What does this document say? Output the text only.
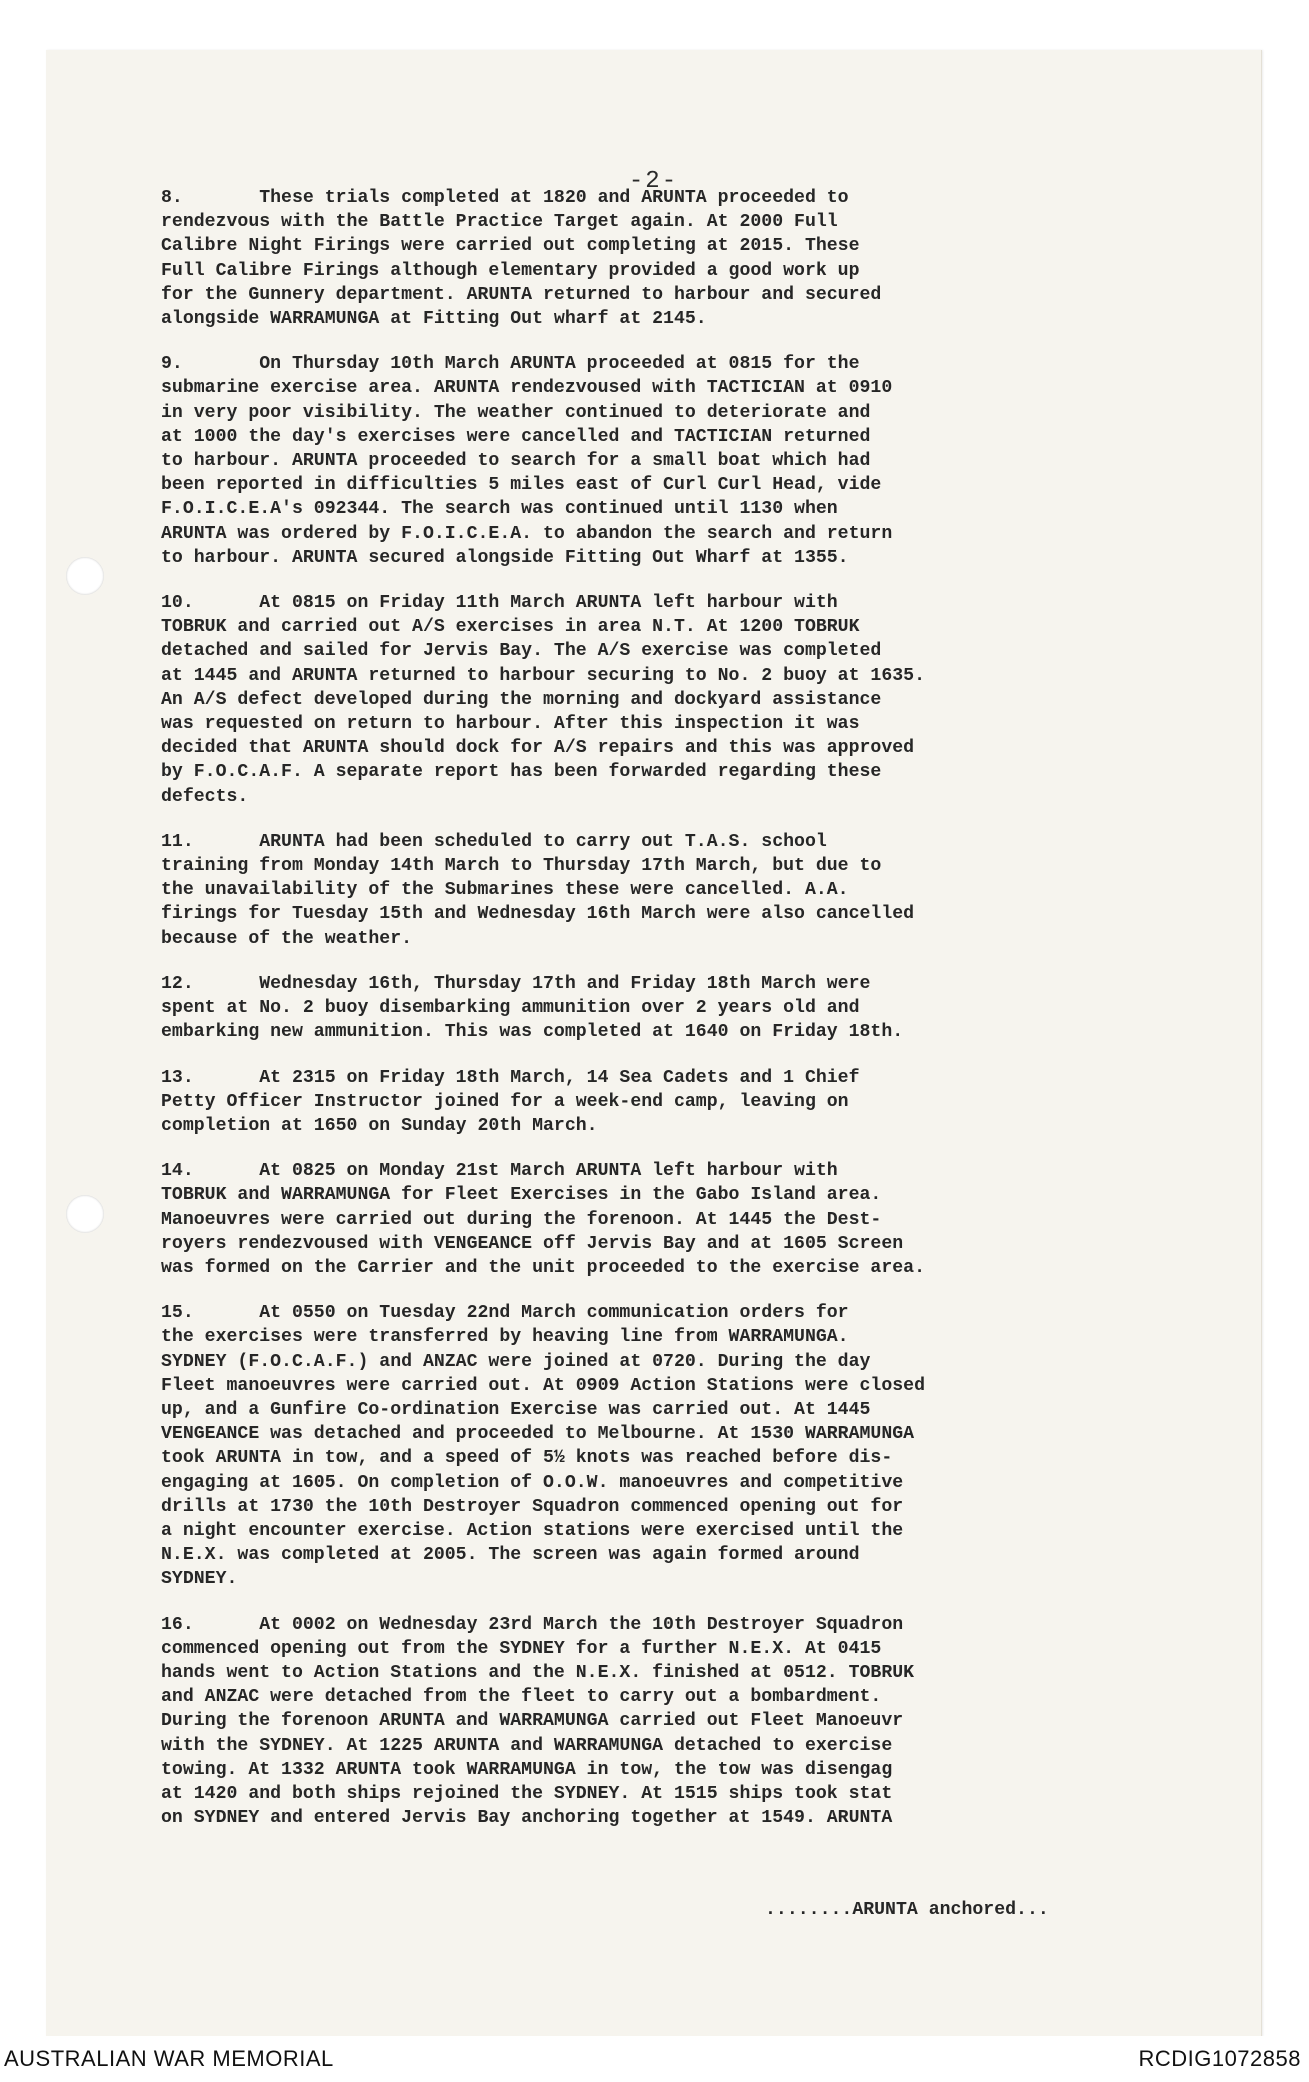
-2-
8.       These trials completed at 1820 and ARUNTA proceeded to
rendezvous with the Battle Practice Target again. At 2000 Full
Calibre Night Firings were carried out completing at 2015. These
Full Calibre Firings although elementary provided a good work up
for the Gunnery department. ARUNTA returned to harbour and secured
alongside WARRAMUNGA at Fitting Out wharf at 2145.
9.       On Thursday 10th March ARUNTA proceeded at 0815 for the
submarine exercise area. ARUNTA rendezvoused with TACTICIAN at 0910
in very poor visibility. The weather continued to deteriorate and
at 1000 the day's exercises were cancelled and TACTICIAN returned
to harbour. ARUNTA proceeded to search for a small boat which had
been reported in difficulties 5 miles east of Curl Curl Head, vide
F.O.I.C.E.A's 092344. The search was continued until 1130 when
ARUNTA was ordered by F.O.I.C.E.A. to abandon the search and return
to harbour. ARUNTA secured alongside Fitting Out Wharf at 1355.
10.      At 0815 on Friday 11th March ARUNTA left harbour with
TOBRUK and carried out A/S exercises in area N.T. At 1200 TOBRUK
detached and sailed for Jervis Bay. The A/S exercise was completed
at 1445 and ARUNTA returned to harbour securing to No. 2 buoy at 1635.
An A/S defect developed during the morning and dockyard assistance
was requested on return to harbour. After this inspection it was
decided that ARUNTA should dock for A/S repairs and this was approved
by F.O.C.A.F. A separate report has been forwarded regarding these
defects.
11.      ARUNTA had been scheduled to carry out T.A.S. school
training from Monday 14th March to Thursday 17th March, but due to
the unavailability of the Submarines these were cancelled. A.A.
firings for Tuesday 15th and Wednesday 16th March were also cancelled
because of the weather.
12.      Wednesday 16th, Thursday 17th and Friday 18th March were
spent at No. 2 buoy disembarking ammunition over 2 years old and
embarking new ammunition. This was completed at 1640 on Friday 18th.
13.      At 2315 on Friday 18th March, 14 Sea Cadets and 1 Chief
Petty Officer Instructor joined for a week-end camp, leaving on
completion at 1650 on Sunday 20th March.
14.      At 0825 on Monday 21st March ARUNTA left harbour with
TOBRUK and WARRAMUNGA for Fleet Exercises in the Gabo Island area.
Manoeuvres were carried out during the forenoon. At 1445 the Dest-
royers rendezvoused with VENGEANCE off Jervis Bay and at 1605 Screen
was formed on the Carrier and the unit proceeded to the exercise area.
15.      At 0550 on Tuesday 22nd March communication orders for
the exercises were transferred by heaving line from WARRAMUNGA.
SYDNEY (F.O.C.A.F.) and ANZAC were joined at 0720. During the day
Fleet manoeuvres were carried out. At 0909 Action Stations were closed
up, and a Gunfire Co-ordination Exercise was carried out. At 1445
VENGEANCE was detached and proceeded to Melbourne. At 1530 WARRAMUNGA
took ARUNTA in tow, and a speed of 5½ knots was reached before dis-
engaging at 1605. On completion of O.O.W. manoeuvres and competitive
drills at 1730 the 10th Destroyer Squadron commenced opening out for
a night encounter exercise. Action stations were exercised until the
N.E.X. was completed at 2005. The screen was again formed around
SYDNEY.
16.      At 0002 on Wednesday 23rd March the 10th Destroyer Squadron
commenced opening out from the SYDNEY for a further N.E.X. At 0415
hands went to Action Stations and the N.E.X. finished at 0512. TOBRUK
and ANZAC were detached from the fleet to carry out a bombardment.
During the forenoon ARUNTA and WARRAMUNGA carried out Fleet Manoeuvr
with the SYDNEY. At 1225 ARUNTA and WARRAMUNGA detached to exercise
towing. At 1332 ARUNTA took WARRAMUNGA in tow, the tow was disengag
at 1420 and both ships rejoined the SYDNEY. At 1515 ships took stat
on SYDNEY and entered Jervis Bay anchoring together at 1549. ARUNTA
........ARUNTA anchored...
AUSTRALIAN WAR MEMORIAL	RCDIG1072858
